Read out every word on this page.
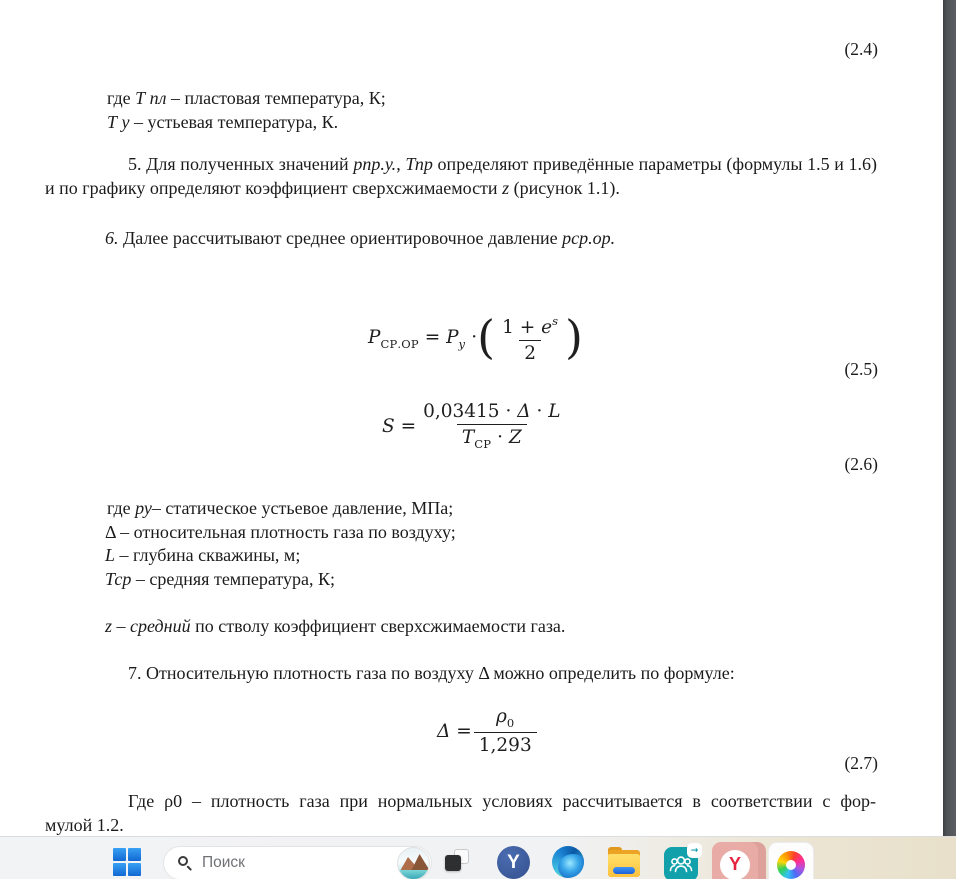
(2.4)
где Т пл – пластовая температура, К;
Т у – устьевая температура, К.
5. Для полученных значений рпр.у., Тпр определяют приведённые параметры (формулы 1.5 и 1.6) и по графику определяют коэффициент сверхсжимаемости z (рисунок 1.1).
6. Далее рассчитывают среднее ориентировочное давление рср.ор.
$P_{СР.ОР} = P_у$ · ( $\frac{1 + e^s}{2}$ )
(2.5)
$S = \frac{0,03415 \cdot \Delta \cdot L}{T_{СР} \cdot Z}$
(2.6)
где ру– статическое устьевое давление, МПа;
Δ – относительная плотность газа по воздуху;
L – глубина скважины, м;
Тср – средняя температура, К;
z – средний по стволу коэффициент сверхсжимаемости газа.
7. Относительную плотность газа по воздуху Δ можно определить по формуле:
$\Delta = \frac{\rho_0}{1,293}$
(2.7)
Где ρ0 – плотность газа при нормальных условиях рассчитывается в соответствии с фор-
мулой 1.2.
Поиск	Y
→
Y
